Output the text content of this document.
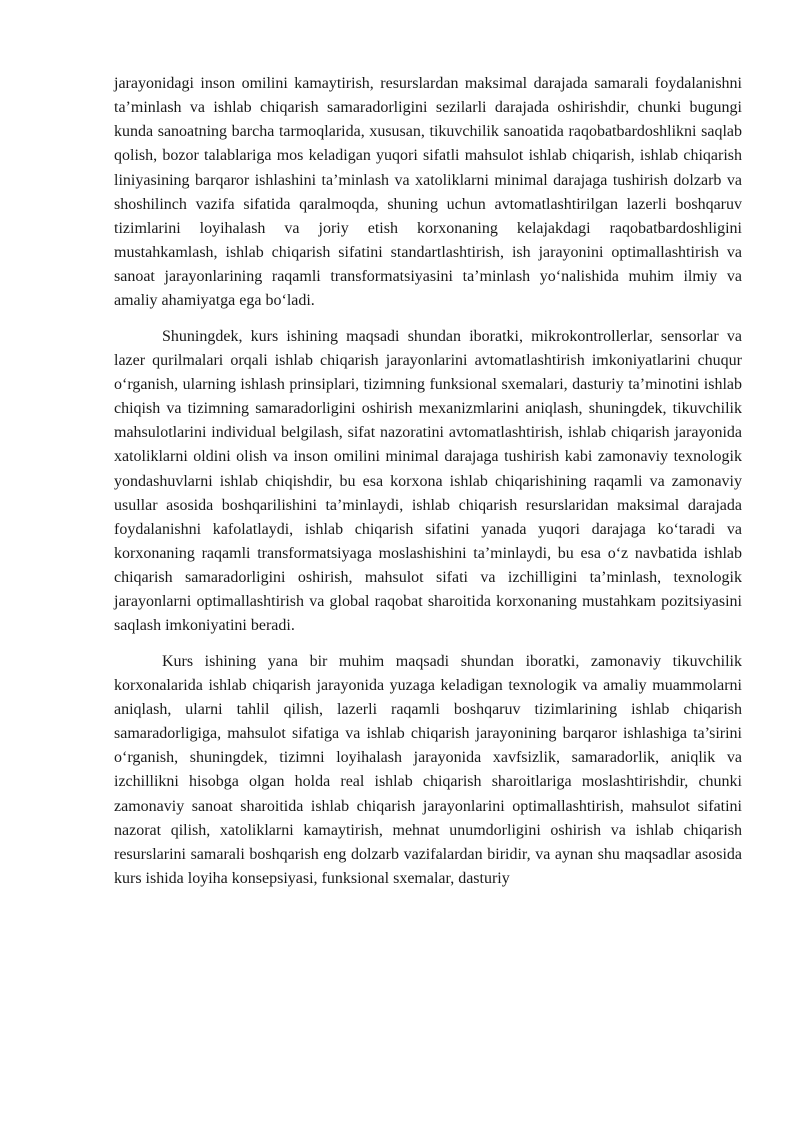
jarayonidagi inson omilini kamaytirish, resurslardan maksimal darajada samarali foydalanishni ta’minlash va ishlab chiqarish samaradorligini sezilarli darajada oshirishdir, chunki bugungi kunda sanoatning barcha tarmoqlarida, xususan, tikuvchilik sanoatida raqobatbardoshlikni saqlab qolish, bozor talablariga mos keladigan yuqori sifatli mahsulot ishlab chiqarish, ishlab chiqarish liniyasining barqaror ishlashini ta’minlash va xatoliklarni minimal darajaga tushirish dolzarb va shoshilinch vazifa sifatida qaralmoqda, shuning uchun avtomatlashtirilgan lazerli boshqaruv tizimlarini loyihalash va joriy etish korxonaning kelajakdagi raqobatbardoshligini mustahkamlash, ishlab chiqarish sifatini standartlashtirish, ish jarayonini optimallashtirish va sanoat jarayonlarining raqamli transformatsiyasini ta’minlash yo‘nalishida muhim ilmiy va amaliy ahamiyatga ega bo‘ladi.

Shuningdek, kurs ishining maqsadi shundan iboratki, mikrokontrollerlar, sensorlar va lazer qurilmalari orqali ishlab chiqarish jarayonlarini avtomatlashtirish imkoniyatlarini chuqur o‘rganish, ularning ishlash prinsiplari, tizimning funksional sxemalari, dasturiy ta’minotini ishlab chiqish va tizimning samaradorligini oshirish mexanizmlarini aniqlash, shuningdek, tikuvchilik mahsulotlarini individual belgilash, sifat nazoratini avtomatlashtirish, ishlab chiqarish jarayonida xatoliklarni oldini olish va inson omilini minimal darajaga tushirish kabi zamonaviy texnologik yondashuvlarni ishlab chiqishdir, bu esa korxona ishlab chiqarishining raqamli va zamonaviy usullar asosida boshqarilishini ta’minlaydi, ishlab chiqarish resurslaridan maksimal darajada foydalanishni kafolatlaydi, ishlab chiqarish sifatini yanada yuqori darajaga ko‘taradi va korxonaning raqamli transformatsiyaga moslashishini ta’minlaydi, bu esa o‘z navbatida ishlab chiqarish samaradorligini oshirish, mahsulot sifati va izchilligini ta’minlash, texnologik jarayonlarni optimallashtirish va global raqobat sharoitida korxonaning mustahkam pozitsiyasini saqlash imkoniyatini beradi.

Kurs ishining yana bir muhim maqsadi shundan iboratki, zamonaviy tikuvchilik korxonalarida ishlab chiqarish jarayonida yuzaga keladigan texnologik va amaliy muammolarni aniqlash, ularni tahlil qilish, lazerli raqamli boshqaruv tizimlarining ishlab chiqarish samaradorligiga, mahsulot sifatiga va ishlab chiqarish jarayonining barqaror ishlashiga ta’sirini o‘rganish, shuningdek, tizimni loyihalash jarayonida xavfsizlik, samaradorlik, aniqlik va izchillikni hisobga olgan holda real ishlab chiqarish sharoitlariga moslashtirishdir, chunki zamonaviy sanoat sharoitida ishlab chiqarish jarayonlarini optimallashtirish, mahsulot sifatini nazorat qilish, xatoliklarni kamaytirish, mehnat unumdorligini oshirish va ishlab chiqarish resurslarini samarali boshqarish eng dolzarb vazifalardan biridir, va aynan shu maqsadlar asosida kurs ishida loyiha konsepsiyasi, funksional sxemalar, dasturiy
